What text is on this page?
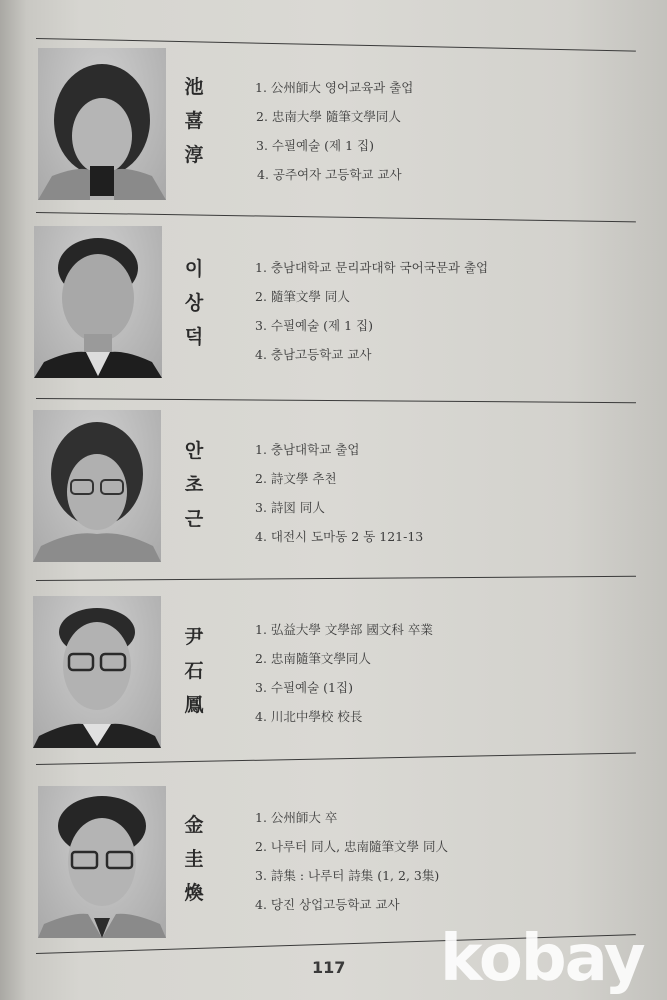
池
喜
淳
1. 公州師大 영어교육과 출업
2. 忠南大學 隨筆文學同人
3. 수필예술 (제 1 집)
4. 공주여자 고등학교 교사
이
상
덕
1. 충남대학교 문리과대학 국어국문과 출업
2. 隨筆文學 同人
3. 수필예술 (제 1 집)
4. 충남고등학교 교사
안
초
근
1. 충남대학교 출업
2. 詩文學 추천
3. 詩図 同人
4. 대전시 도마동 2 동 121-13
尹
石
鳳
1. 弘益大學 文學部 國文科 卒業
2. 忠南隨筆文學同人
3. 수필예술 (1집)
4. 川北中學校 校長
金
圭
煥
1. 公州師大 卒
2. 나루터 同人, 忠南隨筆文學 同人
3. 詩集 : 나루터 詩集 (1, 2, 3集)
4. 당진 상업고등학교 교사
117 kobay
